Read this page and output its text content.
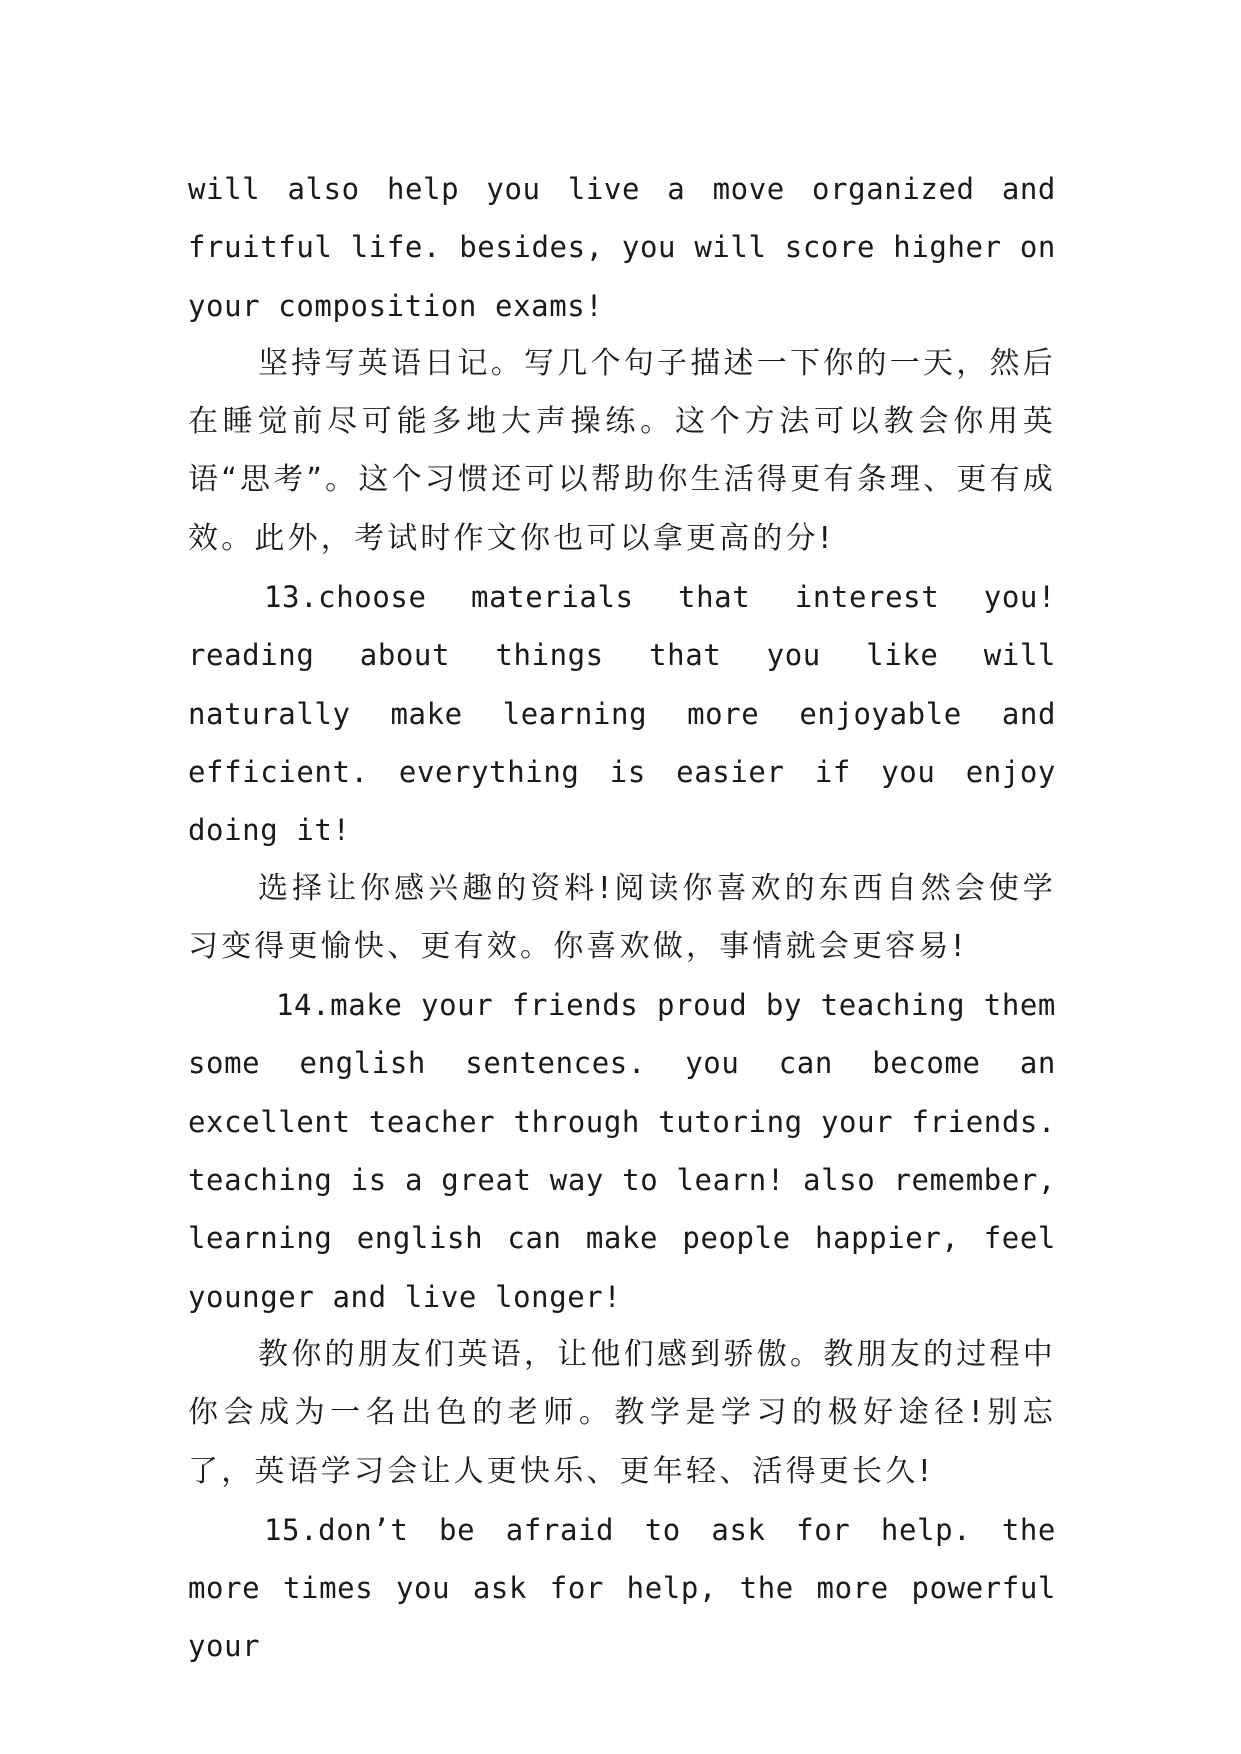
will also help you live a move organized and fruitful life. besides, you will score higher on your composition exams!

坚持写英语日记。写几个句子描述一下你的一天，然后在睡觉前尽可能多地大声操练。这个方法可以教会你用英语“思考”。这个习惯还可以帮助你生活得更有条理、更有成效。此外，考试时作文你也可以拿更高的分!

13.choose materials that interest you! reading about things that you like will naturally make learning more enjoyable and efficient. everything is easier if you enjoy doing it!

选择让你感兴趣的资料!阅读你喜欢的东西自然会使学习变得更愉快、更有效。你喜欢做，事情就会更容易!

14.make your friends proud by teaching them some english sentences. you can become an excellent teacher through tutoring your friends. teaching is a great way to learn! also remember, learning english can make people happier, feel younger and live longer!

教你的朋友们英语，让他们感到骄傲。教朋友的过程中你会成为一名出色的老师。教学是学习的极好途径!别忘了，英语学习会让人更快乐、更年轻、活得更长久!

15.don’t be afraid to ask for help. the more times you ask for help, the more powerful your
